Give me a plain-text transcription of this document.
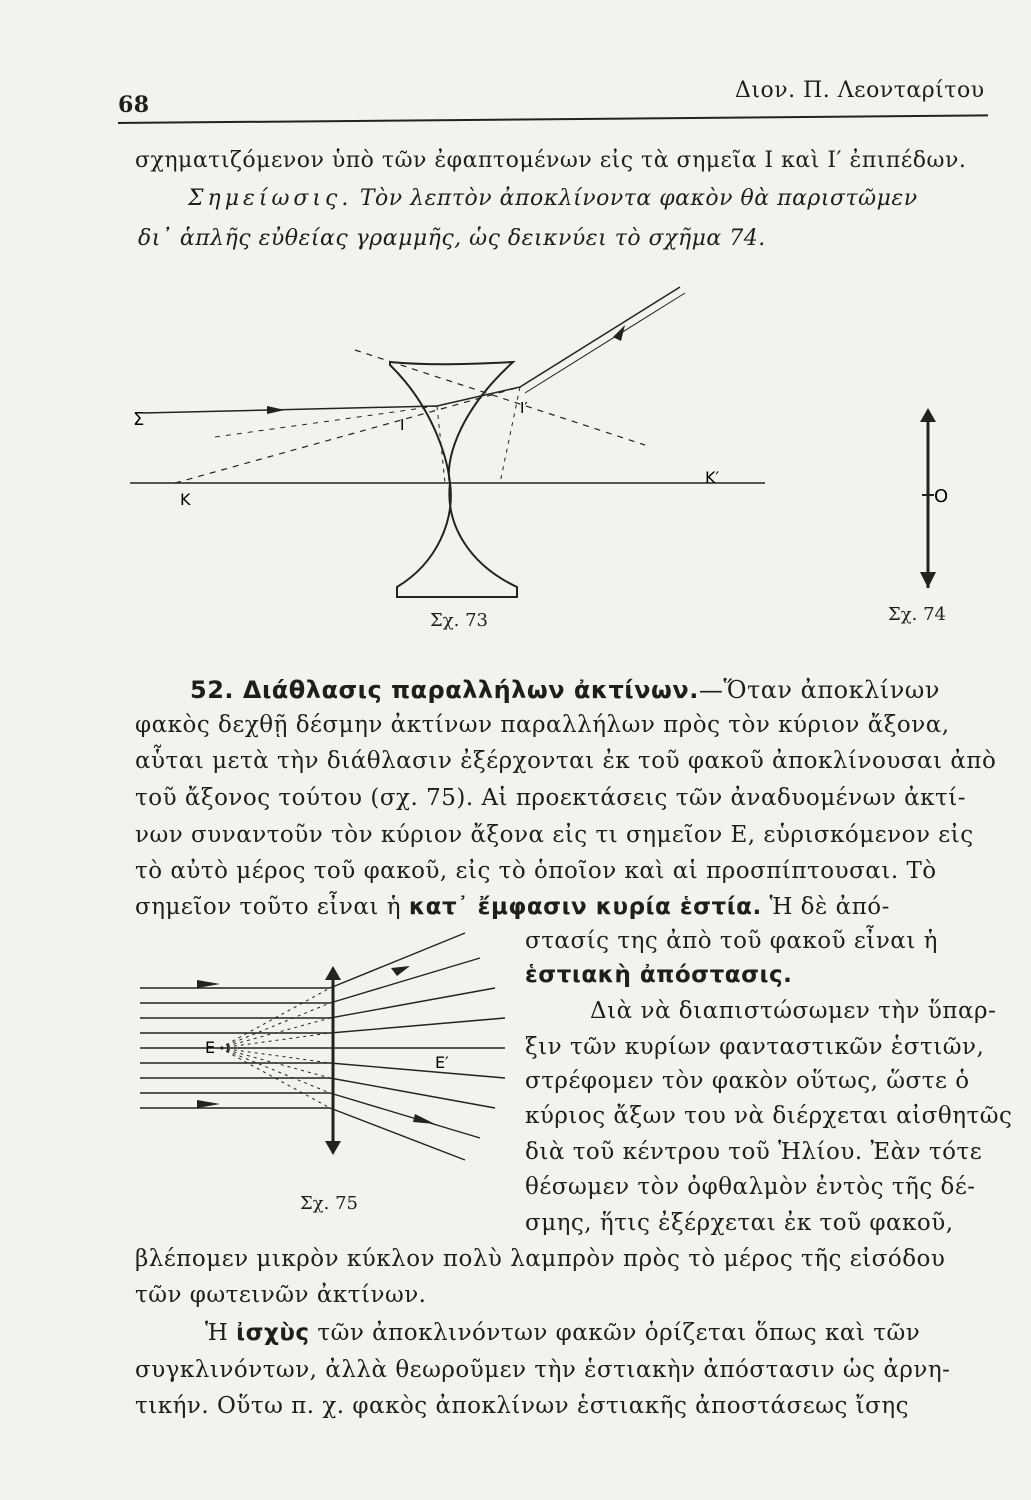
68
Διον. Π. Λεονταρίτου
σχηματιζόμενον ὑπὸ τῶν ἐφαπτομένων εἰς τὰ σημεῖα I καὶ I′ ἐπιπέδων.
Σημείωσις. Τὸν λεπτὸν ἀποκλίνοντα φακὸν θὰ παριστῶμεν
δι᾽ ἁπλῆς εὐθείας γραμμῆς, ὡς δεικνύει τὸ σχῆμα 74.
Σ
K
K′
I
I′
Σχ. 73
O
Σχ. 74
52. Διάθλασις παραλλήλων ἀκτίνων.—Ὅταν ἀποκλίνων
φακὸς δεχθῇ δέσμην ἀκτίνων παραλλήλων πρὸς τὸν κύριον ἄξονα,
αὗται μετὰ τὴν διάθλασιν ἐξέρχονται ἐκ τοῦ φακοῦ ἀποκλίνουσαι ἀπὸ
τοῦ ἄξονος τούτου (σχ. 75). Αἱ προεκτάσεις τῶν ἀναδυομένων ἀκτί-
νων συναντοῦν τὸν κύριον ἄξονα εἰς τι σημεῖον E, εὑρισκόμενον εἰς
τὸ αὐτὸ μέρος τοῦ φακοῦ, εἰς τὸ ὁποῖον καὶ αἱ προσπίπτουσαι. Τὸ
σημεῖον τοῦτο εἶναι ἡ κατ᾽ ἔμφασιν κυρία ἑστία. Ἡ δὲ ἀπό-
στασίς της ἀπὸ τοῦ φακοῦ εἶναι ἡ
ἑστιακὴ ἀπόστασις.
Διὰ νὰ διαπιστώσωμεν τὴν ὕπαρ-
ξιν τῶν κυρίων φανταστικῶν ἑστιῶν,
στρέφομεν τὸν φακὸν οὕτως, ὥστε ὁ
κύριος ἄξων του νὰ διέρχεται αἰσθητῶς
διὰ τοῦ κέντρου τοῦ Ἡλίου. Ἐὰν τότε
θέσωμεν τὸν ὀφθαλμὸν ἐντὸς τῆς δέ-
σμης, ἥτις ἐξέρχεται ἐκ τοῦ φακοῦ,
E
E′
Σχ. 75
βλέπομεν μικρὸν κύκλον πολὺ λαμπρὸν πρὸς τὸ μέρος τῆς εἰσόδου
τῶν φωτεινῶν ἀκτίνων.
Ἡ ἰσχὺς τῶν ἀποκλινόντων φακῶν ὁρίζεται ὅπως καὶ τῶν
συγκλινόντων, ἀλλὰ θεωροῦμεν τὴν ἑστιακὴν ἀπόστασιν ὡς ἀρνη-
τικήν. Οὕτω π. χ. φακὸς ἀποκλίνων ἑστιακῆς ἀποστάσεως ἴσης
